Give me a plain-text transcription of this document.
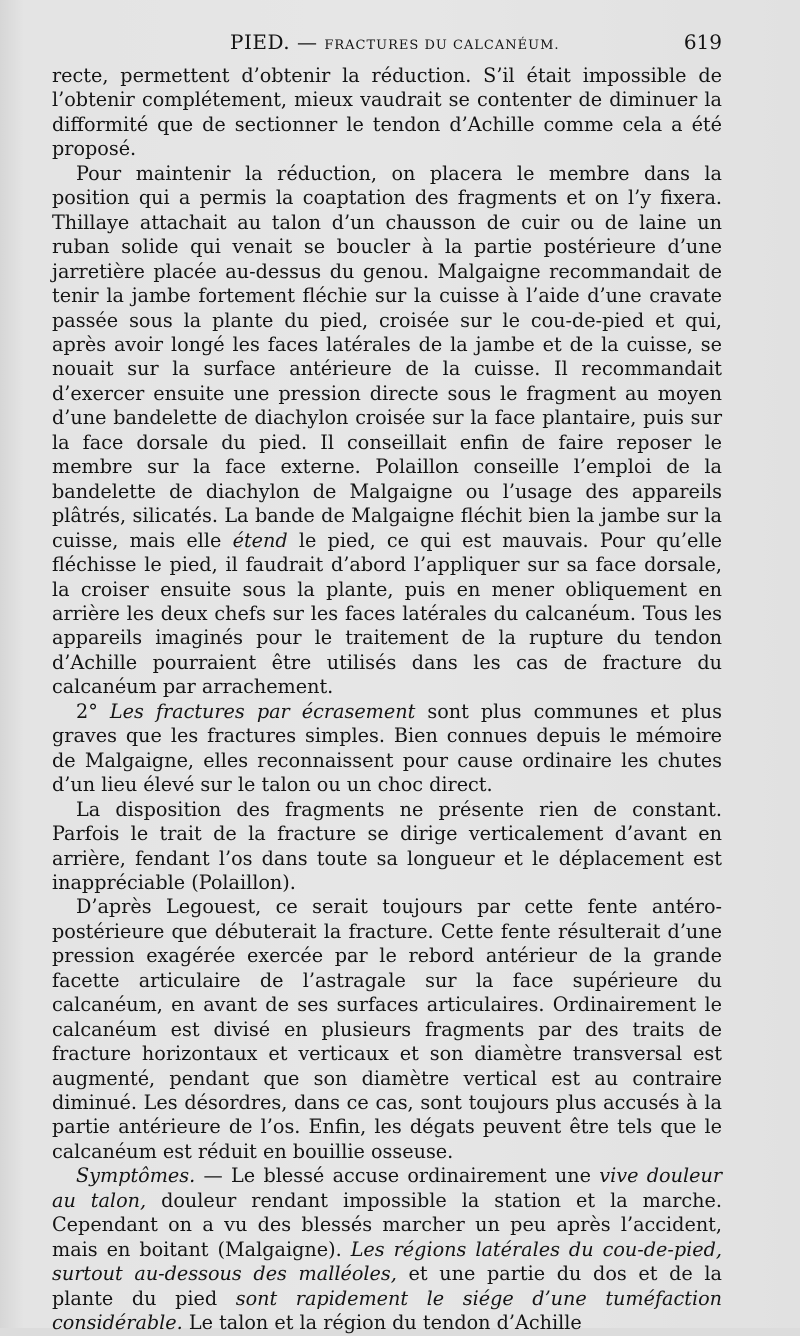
PIED. — FRACTURES DU CALCANÉUM.	619

recte, permettent d’obtenir la réduction. S’il était impossible de l’obtenir complétement, mieux vaudrait se contenter de diminuer la difformité que de sectionner le tendon d’Achille comme cela a été proposé.

Pour maintenir la réduction, on placera le membre dans la position qui a permis la coaptation des fragments et on l’y fixera. Thillaye attachait au talon d’un chausson de cuir ou de laine un ruban solide qui venait se boucler à la partie postérieure d’une jarretière placée au-dessus du genou. Malgaigne recommandait de tenir la jambe fortement fléchie sur la cuisse à l’aide d’une cravate passée sous la plante du pied, croisée sur le cou-de-pied et qui, après avoir longé les faces latérales de la jambe et de la cuisse, se nouait sur la surface antérieure de la cuisse. Il recommandait d’exercer ensuite une pression directe sous le fragment au moyen d’une bandelette de diachylon croisée sur la face plantaire, puis sur la face dorsale du pied. Il conseillait enfin de faire reposer le membre sur la face externe. Polaillon conseille l’emploi de la bandelette de diachylon de Malgaigne ou l’usage des appareils plâtrés, silicatés. La bande de Malgaigne fléchit bien la jambe sur la cuisse, mais elle étend le pied, ce qui est mauvais. Pour qu’elle fléchisse le pied, il faudrait d’abord l’appliquer sur sa face dorsale, la croiser ensuite sous la plante, puis en mener obliquement en arrière les deux chefs sur les faces latérales du calcanéum. Tous les appareils imaginés pour le traitement de la rupture du tendon d’Achille pourraient être utilisés dans les cas de fracture du calcanéum par arrachement.

2° Les fractures par écrasement sont plus communes et plus graves que les fractures simples. Bien connues depuis le mémoire de Malgaigne, elles reconnaissent pour cause ordinaire les chutes d’un lieu élevé sur le talon ou un choc direct.

La disposition des fragments ne présente rien de constant. Parfois le trait de la fracture se dirige verticalement d’avant en arrière, fendant l’os dans toute sa longueur et le déplacement est inappréciable (Polaillon).

D’après Legouest, ce serait toujours par cette fente antéro-postérieure que débuterait la fracture. Cette fente résulterait d’une pression exagérée exercée par le rebord antérieur de la grande facette articulaire de l’astragale sur la face supérieure du calcanéum, en avant de ses surfaces articulaires. Ordinairement le calcanéum est divisé en plusieurs fragments par des traits de fracture horizontaux et verticaux et son diamètre transversal est augmenté, pendant que son diamètre vertical est au contraire diminué. Les désordres, dans ce cas, sont toujours plus accusés à la partie antérieure de l’os. Enfin, les dégats peuvent être tels que le calcanéum est réduit en bouillie osseuse.

Symptômes. — Le blessé accuse ordinairement une vive douleur au talon, douleur rendant impossible la station et la marche. Cependant on a vu des blessés marcher un peu après l’accident, mais en boitant (Malgaigne). Les régions latérales du cou-de-pied, surtout au-dessous des malléoles, et une partie du dos et de la plante du pied sont rapidement le siége d’une tuméfaction considérable. Le talon et la région du tendon d’Achille
